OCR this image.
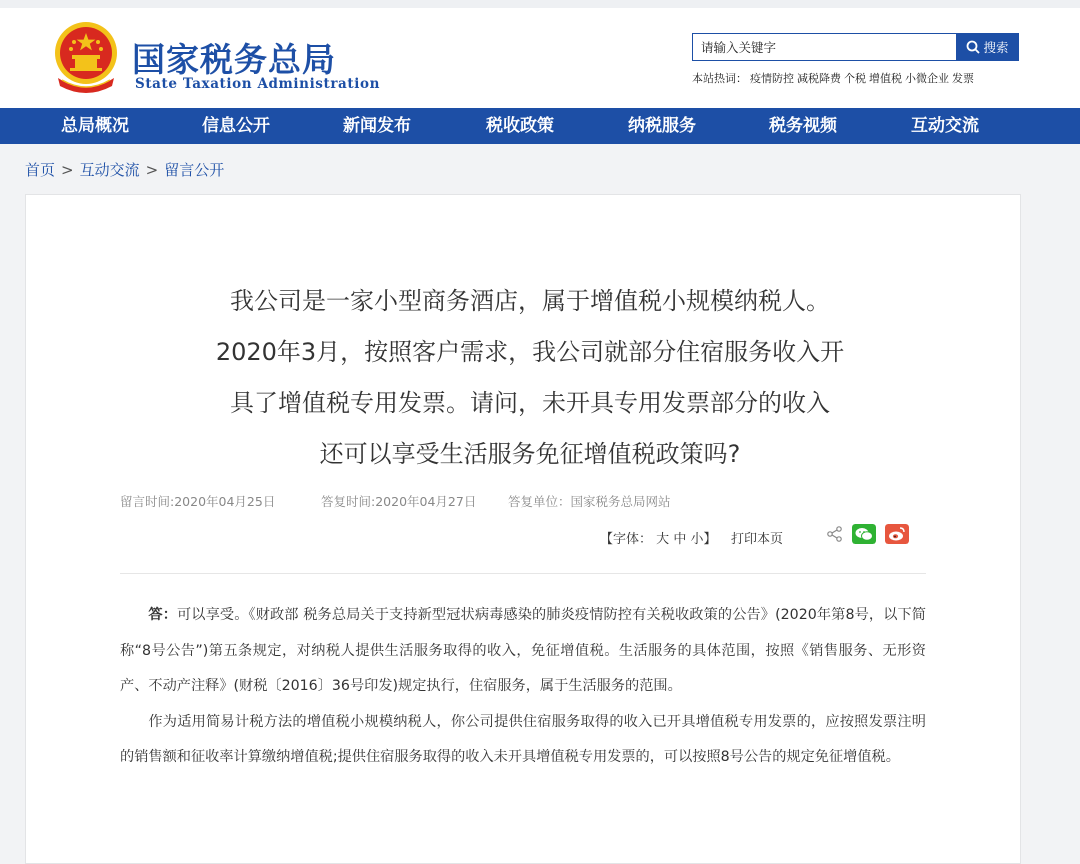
国家税务总局
State Taxation Administration
请输入关键字
搜索
本站热词： 疫情防控 减税降费 个税 增值税 小微企业 发票
总局概况	信息公开	新闻发布	税收政策	纳税服务	税务视频	互动交流
首页 > 互动交流 > 留言公开
我公司是一家小型商务酒店，属于增值税小规模纳税人。
2020年3月，按照客户需求，我公司就部分住宿服务收入开
具了增值税专用发票。请问，未开具专用发票部分的收入
还可以享受生活服务免征增值税政策吗?
留言时间:2020年04月25日	答复时间:2020年04月27日	答复单位：国家税务总局网站
【字体： 大 中 小】 打印本页

答：可以享受。《财政部 税务总局关于支持新型冠状病毒感染的肺炎疫情防控有关税收政策的公告》(2020年第8号，以下简称“8号公告”)第五条规定，对纳税人提供生活服务取得的收入，免征增值税。生活服务的具体范围，按照《销售服务、无形资产、不动产注释》(财税〔2016〕36号印发)规定执行，住宿服务，属于生活服务的范围。

作为适用简易计税方法的增值税小规模纳税人，你公司提供住宿服务取得的收入已开具增值税专用发票的，应按照发票注明的销售额和征收率计算缴纳增值税;提供住宿服务取得的收入未开具增值税专用发票的，可以按照8号公告的规定免征增值税。
